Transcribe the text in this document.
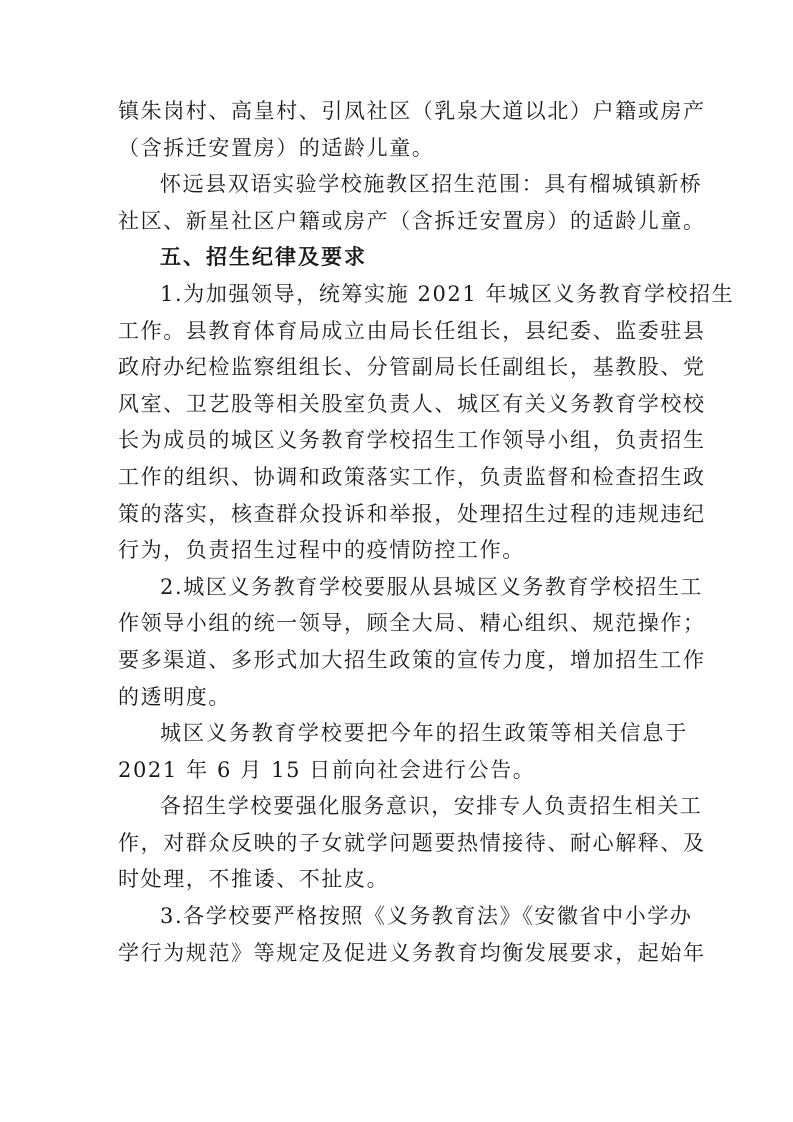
镇朱岗村、高皇村、引凤社区（乳泉大道以北）户籍或房产
（含拆迁安置房）的适龄儿童。
怀远县双语实验学校施教区招生范围：具有榴城镇新桥
社区、新星社区户籍或房产（含拆迁安置房）的适龄儿童。
五、招生纪律及要求
1.为加强领导，统筹实施 2021 年城区义务教育学校招生
工作。县教育体育局成立由局长任组长，县纪委、监委驻县
政府办纪检监察组组长、分管副局长任副组长，基教股、党
风室、卫艺股等相关股室负责人、城区有关义务教育学校校
长为成员的城区义务教育学校招生工作领导小组，负责招生
工作的组织、协调和政策落实工作，负责监督和检查招生政
策的落实，核查群众投诉和举报，处理招生过程的违规违纪
行为，负责招生过程中的疫情防控工作。
2.城区义务教育学校要服从县城区义务教育学校招生工
作领导小组的统一领导，顾全大局、精心组织、规范操作；
要多渠道、多形式加大招生政策的宣传力度，增加招生工作
的透明度。
城区义务教育学校要把今年的招生政策等相关信息于
2021 年 6 月 15 日前向社会进行公告。
各招生学校要强化服务意识，安排专人负责招生相关工
作，对群众反映的子女就学问题要热情接待、耐心解释、及
时处理，不推诿、不扯皮。
3.各学校要严格按照《义务教育法》《安徽省中小学办
学行为规范》等规定及促进义务教育均衡发展要求，起始年
